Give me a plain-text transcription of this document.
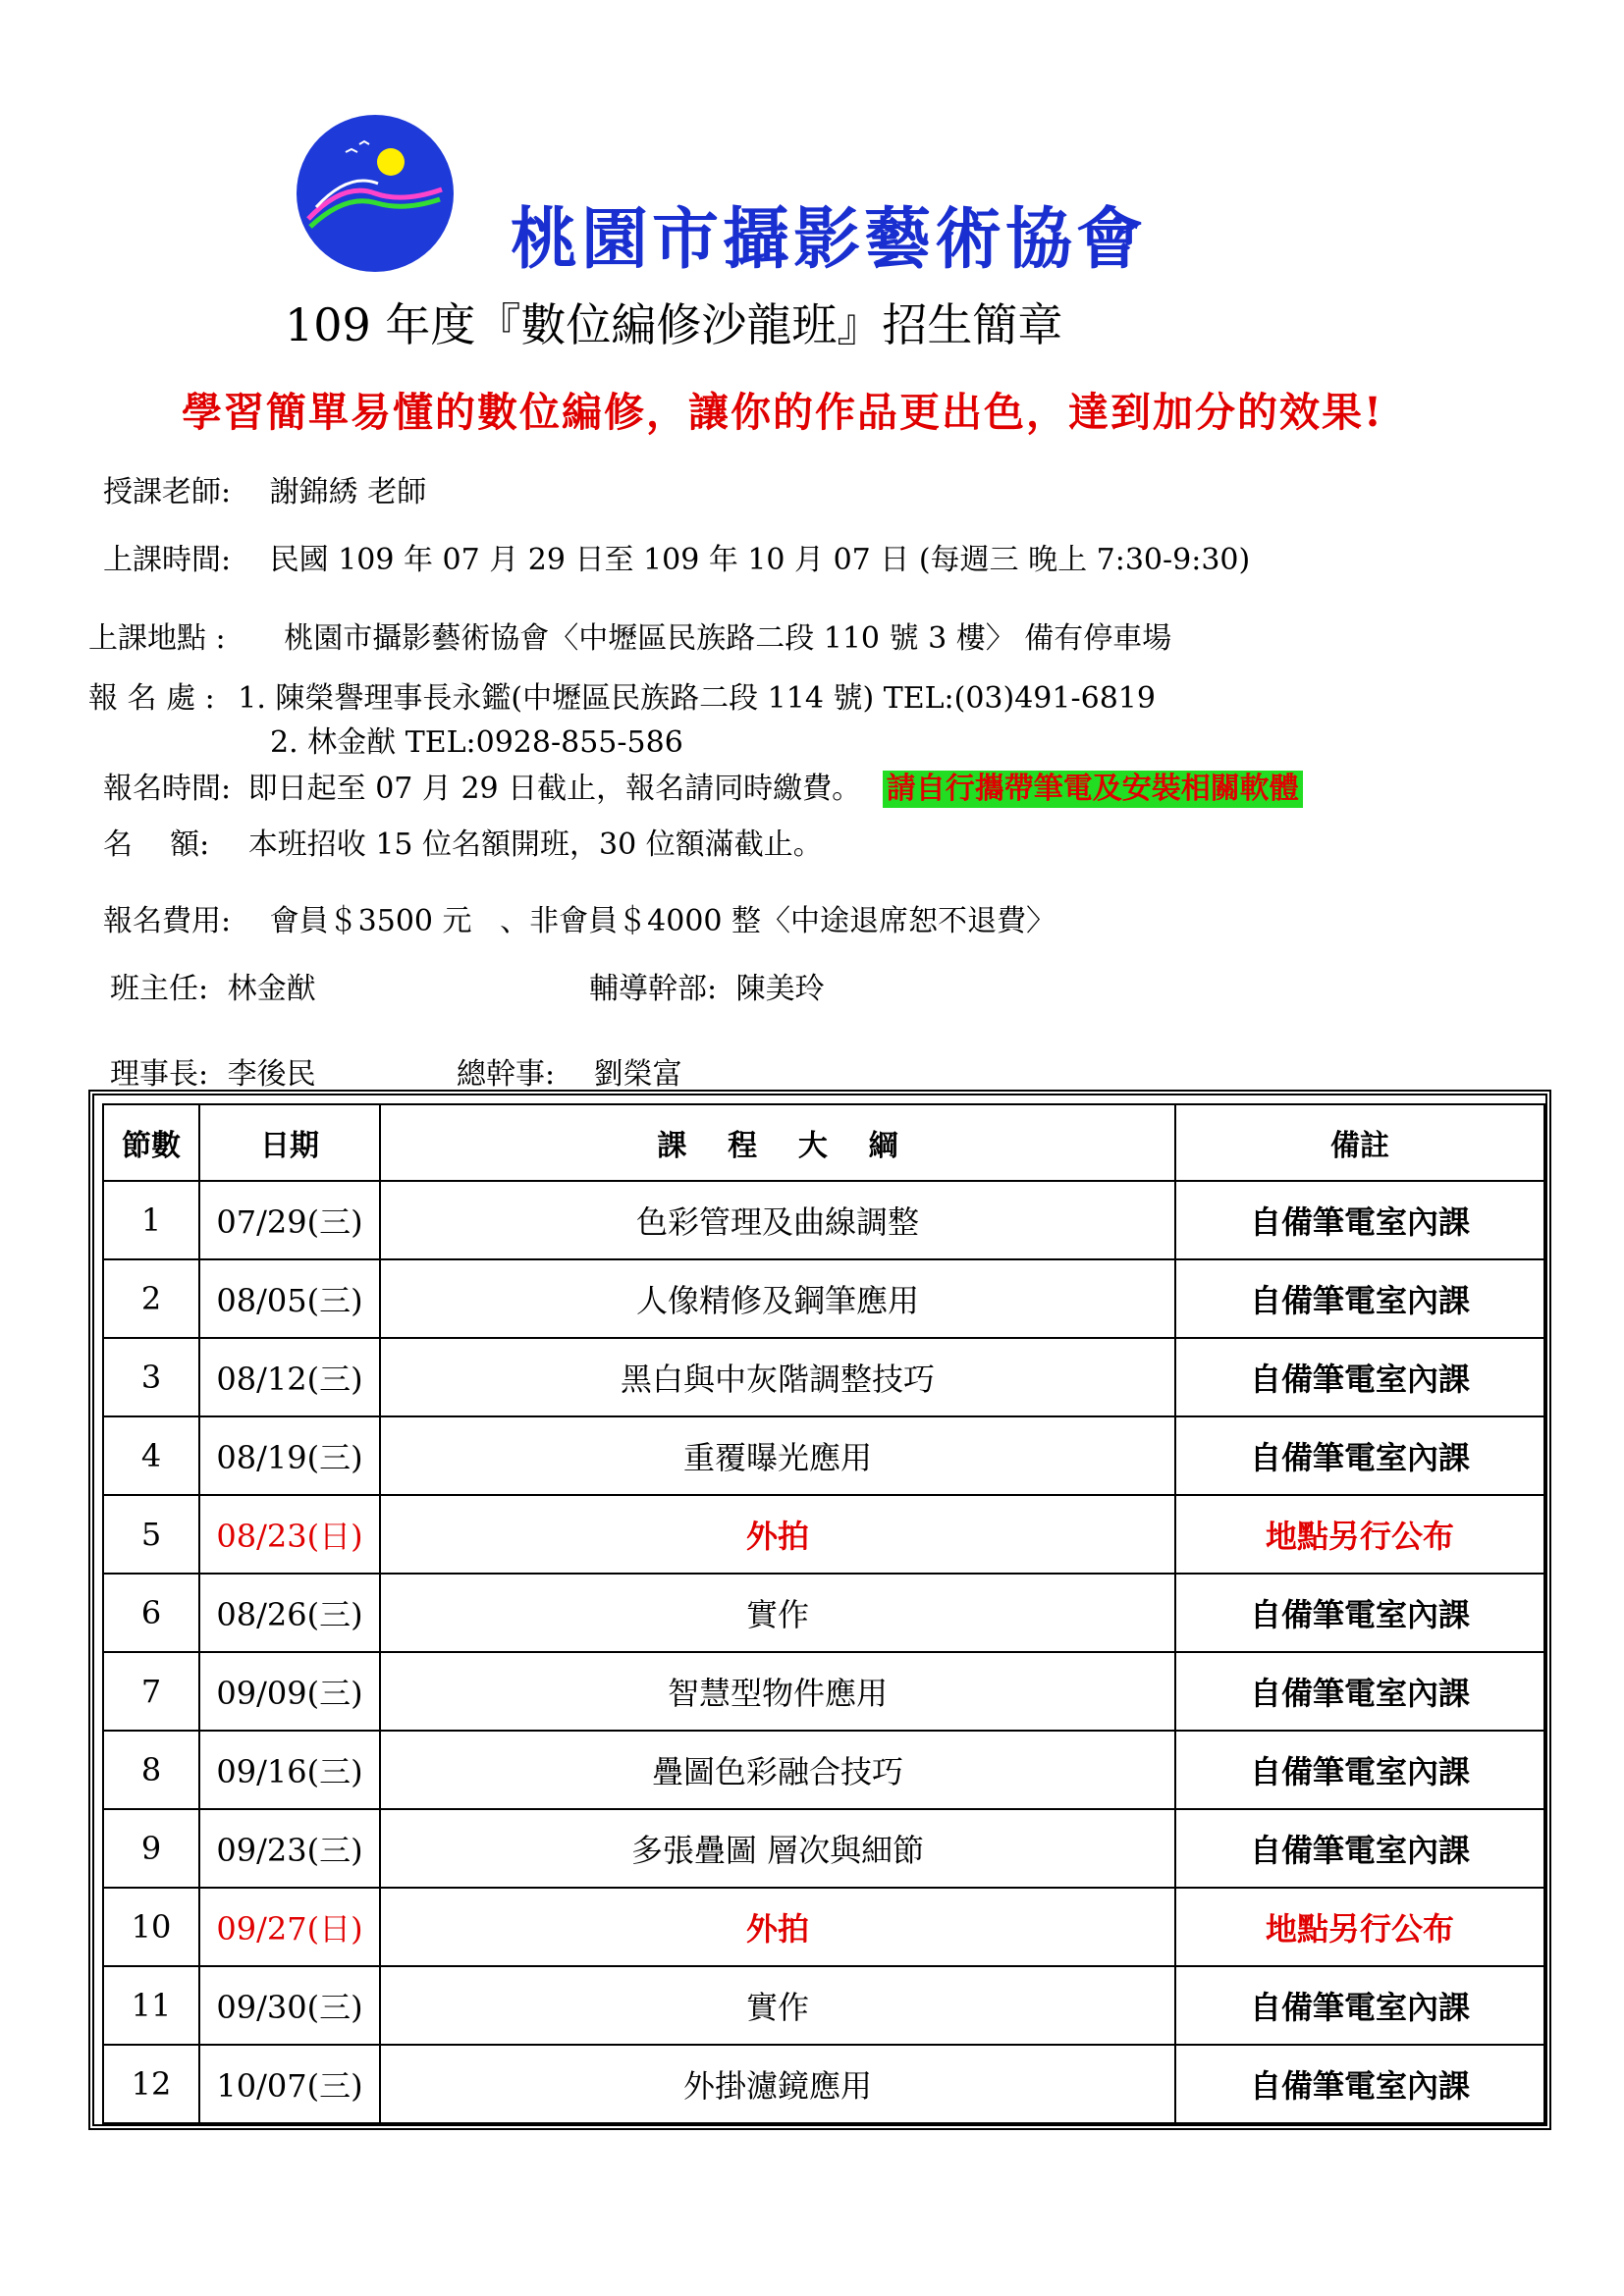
桃園市攝影藝術協會
109 年度『數位編修沙龍班』招生簡章
學習簡單易懂的數位編修，讓你的作品更出色，達到加分的效果!
授課老師: 謝錦綉 老師
上課時間: 民國 109 年 07 月 29 日至 109 年 10 月 07 日 (每週三 晚上 7:30-9:30)
上課地點 : 桃園市攝影藝術協會〈中壢區民族路二段 110 號 3 樓〉 備有停車場
報 名 處 : 1. 陳榮譽理事長永鑑(中壢區民族路二段 114 號) TEL:(03)491-6819
2. 林金猷 TEL:0928-855-586
報名時間: 即日起至 07 月 29 日截止，報名請同時繳費。 請自行攜帶筆電及安裝相關軟體
名    額: 本班招收 15 位名額開班，30 位額滿截止。
報名費用: 會員＄3500 元   、非會員＄4000 整〈中途退席恕不退費〉
班主任: 林金猷	輔導幹部: 陳美玲
理事長: 李後民	總幹事: 劉榮富
節數	日期	課    程    大    綱	備註
1	07/29(三)	色彩管理及曲線調整	自備筆電室內課
2	08/05(三)	人像精修及鋼筆應用	自備筆電室內課
3	08/12(三)	黑白與中灰階調整技巧	自備筆電室內課
4	08/19(三)	重覆曝光應用	自備筆電室內課
5	08/23(日)	外拍	地點另行公布
6	08/26(三)	實作	自備筆電室內課
7	09/09(三)	智慧型物件應用	自備筆電室內課
8	09/16(三)	疊圖色彩融合技巧	自備筆電室內課
9	09/23(三)	多張疊圖 層次與細節	自備筆電室內課
10	09/27(日)	外拍	地點另行公布
11	09/30(三)	實作	自備筆電室內課
12	10/07(三)	外掛濾鏡應用	自備筆電室內課
